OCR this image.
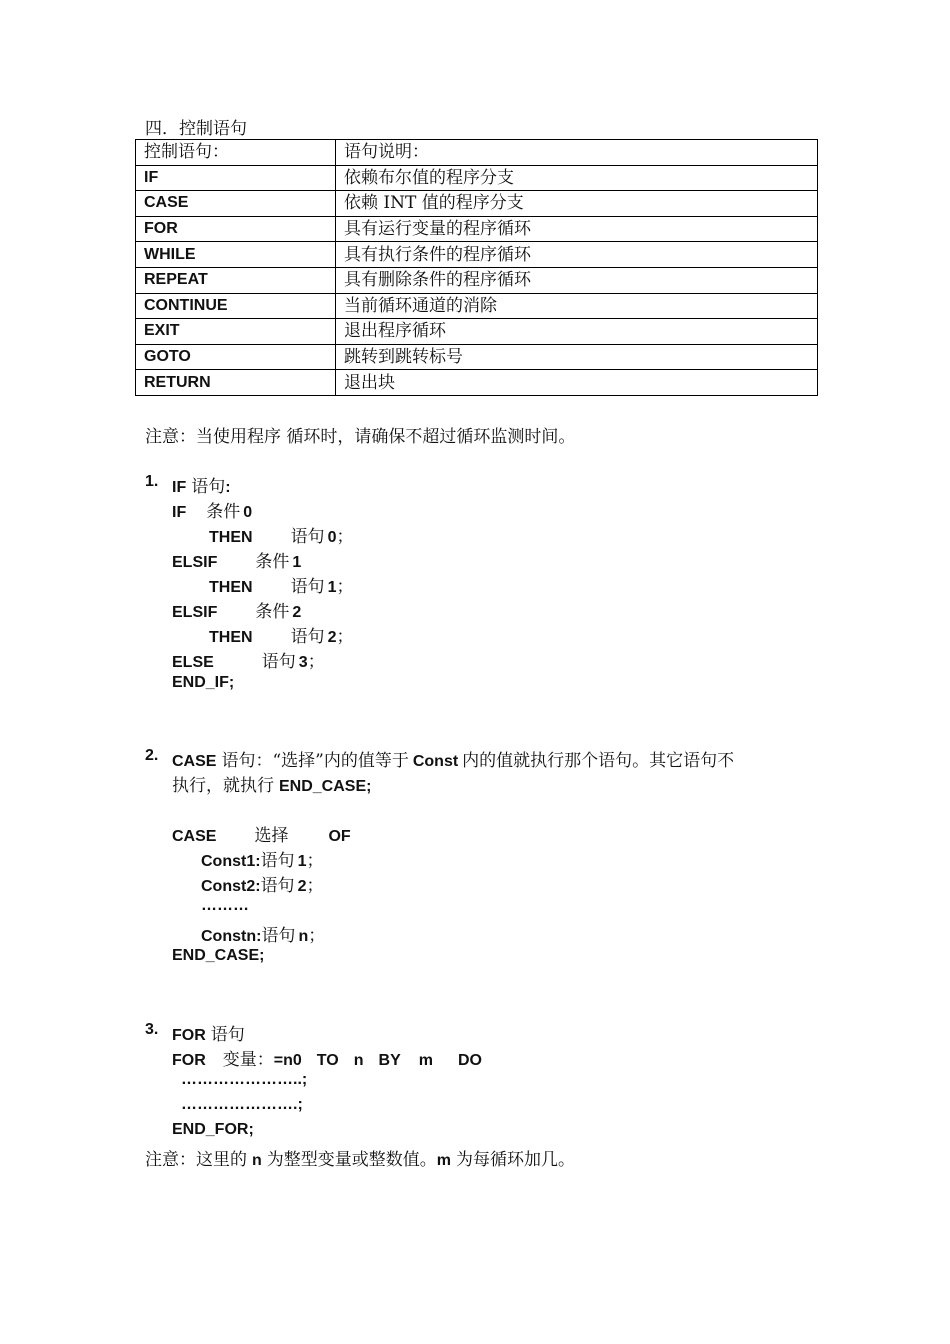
四．控制语句
控制语句：	语句说明：
IF	依赖布尔值的程序分支
CASE	依赖 INT 值的程序分支
FOR	具有运行变量的程序循环
WHILE	具有执行条件的程序循环
REPEAT	具有删除条件的程序循环
CONTINUE	当前循环通道的消除
EXIT	退出程序循环
GOTO	跳转到跳转标号
RETURN	退出块
注意：当使用程序 循环时，请确保不超过循环监测时间。
1. IF 语句:
IF 条件 0
THEN 语句 0；
ELSIF 条件 1
THEN 语句 1；
ELSIF 条件 2
THEN 语句 2；
ELSE	语句 3；
END_IF;
2. CASE 语句：“选择”内的值等于 Const 内的值就执行那个语句。其它语句不
执行，就执行 END_CASE;
CASE 选择	OF
Const1:语句 1；
Const2:语句 2；
………
Constn:语句 n；
END_CASE;
3. FOR 语句
FOR 变量：=n0 TO n BY m DO
…………………..;
………………….;
END_FOR;
注意：这里的 n 为整型变量或整数值。m 为每循环加几。
